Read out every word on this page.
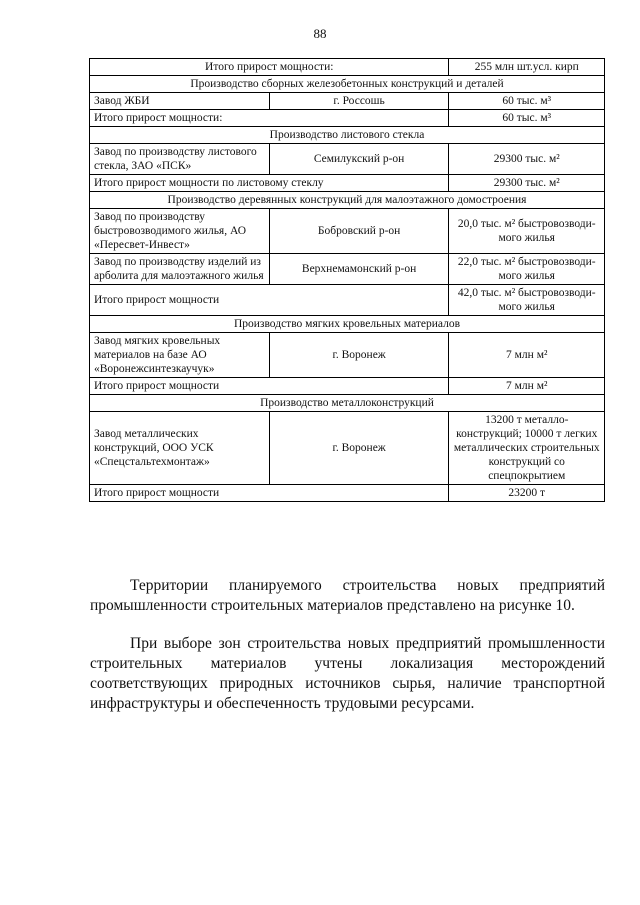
88
Итого прирост мощности:		255 млн шт.усл. кирп
Производство сборных железобетонных конструкций и деталей		
Завод ЖБИ	г. Россошь	60 тыс. м³
Итого прирост мощности:		60 тыс. м³
Производство листового стекла		
Завод по производству листового стекла, ЗАО «ПСК»	Семилукский р-он	29300 тыс. м²
Итого прирост мощности по листовому стеклу		29300 тыс. м²
Производство деревянных конструкций для малоэтажного домостроения		
Завод по производству быстровозводимого жилья, АО «Пересвет-Инвест»	Бобровский р-он	20,0 тыс. м² быстровозводи-мого жилья
Завод по производству изделий из арболита для малоэтажного жилья	Верхнемамонский р-он	22,0 тыс. м² быстровозводи-мого жилья
Итого прирост мощности		42,0 тыс. м² быстровозводи-мого жилья
Производство мягких кровельных материалов		
Завод мягких кровельных материалов на базе АО «Воронежсинтезкаучук»	г. Воронеж	7 млн м²
Итого прирост мощности		7 млн м²
Производство металлоконструкций		
Завод металлических конструкций, ООО УСК «Спецстальтехмонтаж»	г. Воронеж	13200 т металло-конструкций; 10000 т легких металлических строительных конструкций со спецпокрытием
Итого прирост мощности		23200 т

Территории планируемого строительства новых предприятий промышленности строительных материалов представлено на рисунке 10.

При выборе зон строительства новых предприятий промышленности строительных материалов учтены локализация месторождений соответствующих природных источников сырья, наличие транспортной инфраструктуры и обеспеченность трудовыми ресурсами.
